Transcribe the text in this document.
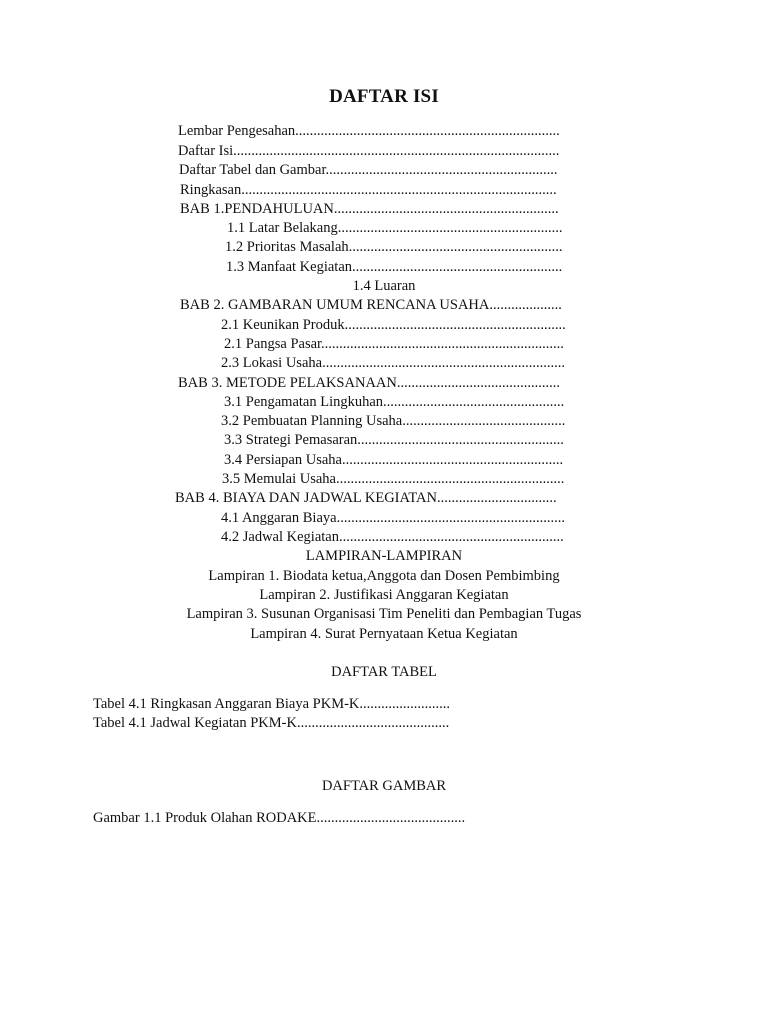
DAFTAR ISI
Lembar Pengesahan.........................................................................
Daftar Isi..........................................................................................
Daftar Tabel dan Gambar................................................................
Ringkasan.......................................................................................
BAB 1.PENDAHULUAN..............................................................
1.1 Latar Belakang..............................................................
1.2 Prioritas Masalah...........................................................
1.3 Manfaat Kegiatan..........................................................
1.4 Luaran
BAB 2. GAMBARAN UMUM RENCANA USAHA....................
2.1 Keunikan Produk.............................................................
2.1 Pangsa Pasar...................................................................
2.3 Lokasi Usaha...................................................................
BAB 3. METODE PELAKSANAAN.............................................
3.1 Pengamatan Lingkuhan..................................................
3.2 Pembuatan Planning Usaha.............................................
3.3 Strategi Pemasaran.........................................................
3.4 Persiapan Usaha.............................................................
3.5 Memulai Usaha...............................................................
BAB 4. BIAYA DAN JADWAL KEGIATAN.................................
4.1 Anggaran Biaya...............................................................
4.2 Jadwal Kegiatan..............................................................
LAMPIRAN-LAMPIRAN
Lampiran 1. Biodata ketua,Anggota dan Dosen Pembimbing
Lampiran 2. Justifikasi Anggaran Kegiatan
Lampiran 3. Susunan Organisasi Tim Peneliti dan Pembagian Tugas
Lampiran 4. Surat Pernyataan Ketua Kegiatan
DAFTAR TABEL
Tabel 4.1 Ringkasan Anggaran Biaya PKM-K.........................
Tabel 4.1 Jadwal Kegiatan PKM-K..........................................
DAFTAR GAMBAR
Gambar 1.1 Produk Olahan RODAKE.........................................
